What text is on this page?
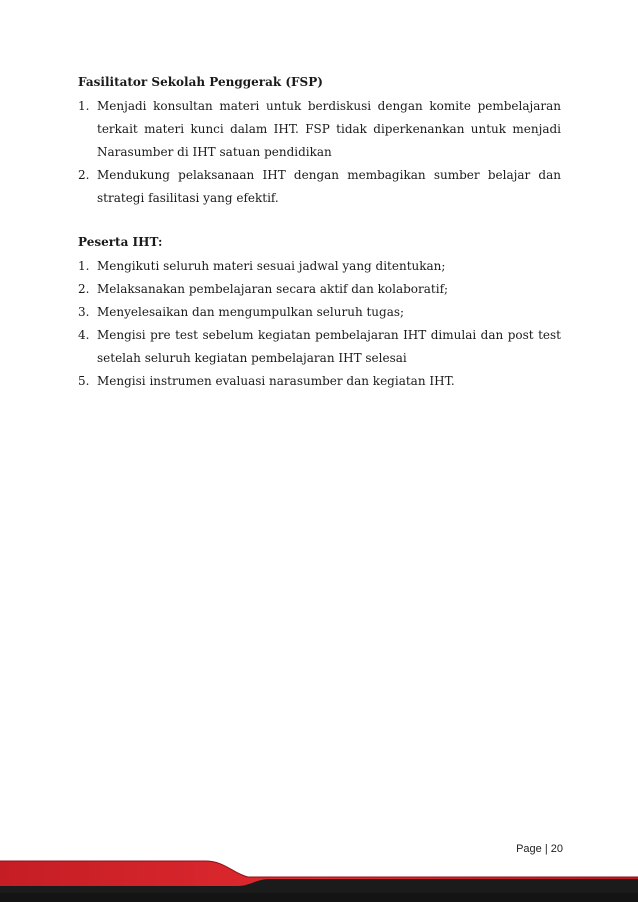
Fasilitator Sekolah Penggerak (FSP)
1. Menjadi konsultan materi untuk berdiskusi dengan komite pembelajaran terkait materi kunci dalam IHT. FSP tidak diperkenankan untuk menjadi Narasumber di IHT satuan pendidikan
2. Mendukung pelaksanaan IHT dengan membagikan sumber belajar dan strategi fasilitasi yang efektif.
Peserta IHT:
1. Mengikuti seluruh materi sesuai jadwal yang ditentukan;
2. Melaksanakan pembelajaran secara aktif dan kolaboratif;
3. Menyelesaikan dan mengumpulkan seluruh tugas;
4. Mengisi pre test sebelum kegiatan pembelajaran IHT dimulai dan post test setelah seluruh kegiatan pembelajaran IHT selesai
5. Mengisi instrumen evaluasi narasumber dan kegiatan IHT.
Page | 20
